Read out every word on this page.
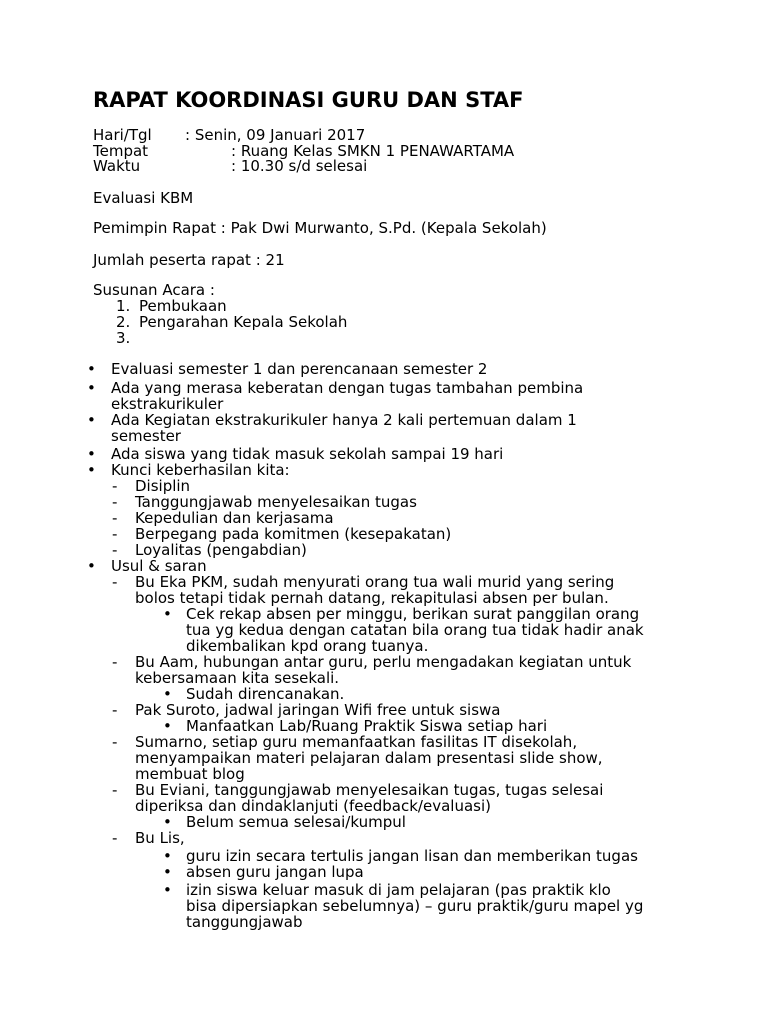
RAPAT KOORDINASI GURU DAN STAF
Hari/Tgl : Senin, 09 Januari 2017
Tempat	: Ruang Kelas SMKN 1 PENAWARTAMA
Waktu	: 10.30 s/d selesai
Evaluasi KBM
Pemimpin Rapat : Pak Dwi Murwanto, S.Pd. (Kepala Sekolah)
Jumlah peserta rapat : 21
Susunan Acara :
1. Pembukaan
2. Pengarahan Kepala Sekolah
3.
• Evaluasi semester 1 dan perencanaan semester 2
• Ada yang merasa keberatan dengan tugas tambahan pembina
ekstrakurikuler
• Ada Kegiatan ekstrakurikuler hanya 2 kali pertemuan dalam 1
semester
• Ada siswa yang tidak masuk sekolah sampai 19 hari
• Kunci keberhasilan kita:
- Disiplin
- Tanggungjawab menyelesaikan tugas
- Kepedulian dan kerjasama
- Berpegang pada komitmen (kesepakatan)
- Loyalitas (pengabdian)
• Usul & saran
- Bu Eka PKM, sudah menyurati orang tua wali murid yang sering
bolos tetapi tidak pernah datang, rekapitulasi absen per bulan.
• Cek rekap absen per minggu, berikan surat panggilan orang
tua yg kedua dengan catatan bila orang tua tidak hadir anak
dikembalikan kpd orang tuanya.
- Bu Aam, hubungan antar guru, perlu mengadakan kegiatan untuk
kebersamaan kita sesekali.
• Sudah direncanakan.
- Pak Suroto, jadwal jaringan Wifi free untuk siswa
• Manfaatkan Lab/Ruang Praktik Siswa setiap hari
- Sumarno, setiap guru memanfaatkan fasilitas IT disekolah,
menyampaikan materi pelajaran dalam presentasi slide show,
membuat blog
- Bu Eviani, tanggungjawab menyelesaikan tugas, tugas selesai
diperiksa dan dindaklanjuti (feedback/evaluasi)
• Belum semua selesai/kumpul
- Bu Lis,
• guru izin secara tertulis jangan lisan dan memberikan tugas
• absen guru jangan lupa
• izin siswa keluar masuk di jam pelajaran (pas praktik klo
bisa dipersiapkan sebelumnya) – guru praktik/guru mapel yg
tanggungjawab
